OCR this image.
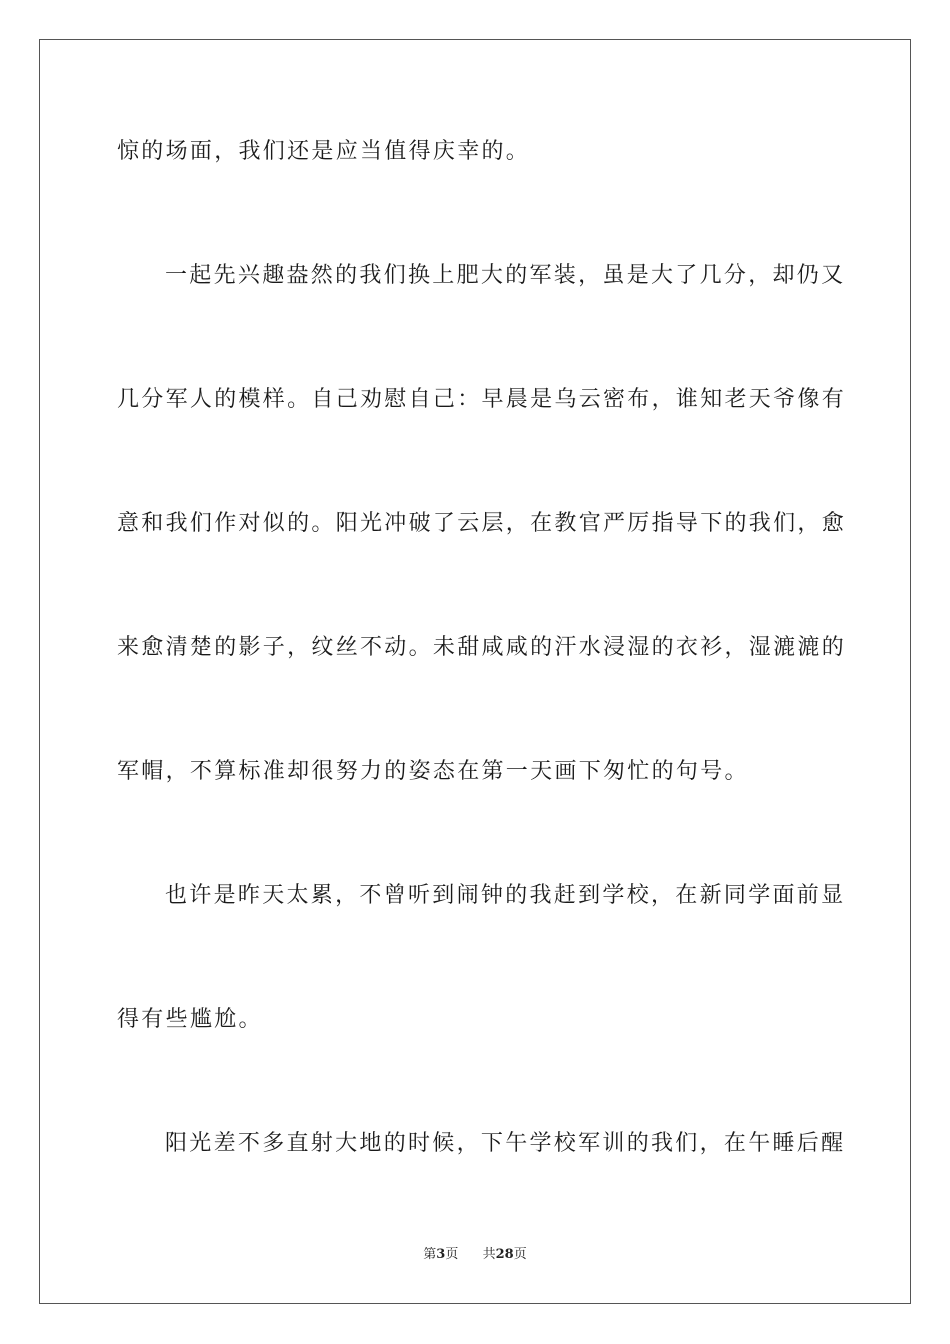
惊的场面，我们还是应当值得庆幸的。
一起先兴趣盎然的我们换上肥大的军装，虽是大了几分，却仍又
几分军人的模样。自己劝慰自己：早晨是乌云密布，谁知老天爷像有
意和我们作对似的。阳光冲破了云层，在教官严厉指导下的我们，愈
来愈清楚的影子，纹丝不动。未甜咸咸的汗水浸湿的衣衫，湿漉漉的
军帽，不算标准却很努力的姿态在第一天画下匆忙的句号。
也许是昨天太累，不曾听到闹钟的我赶到学校，在新同学面前显
得有些尴尬。
阳光差不多直射大地的时候，下午学校军训的我们，在午睡后醒
第3页 共28页
